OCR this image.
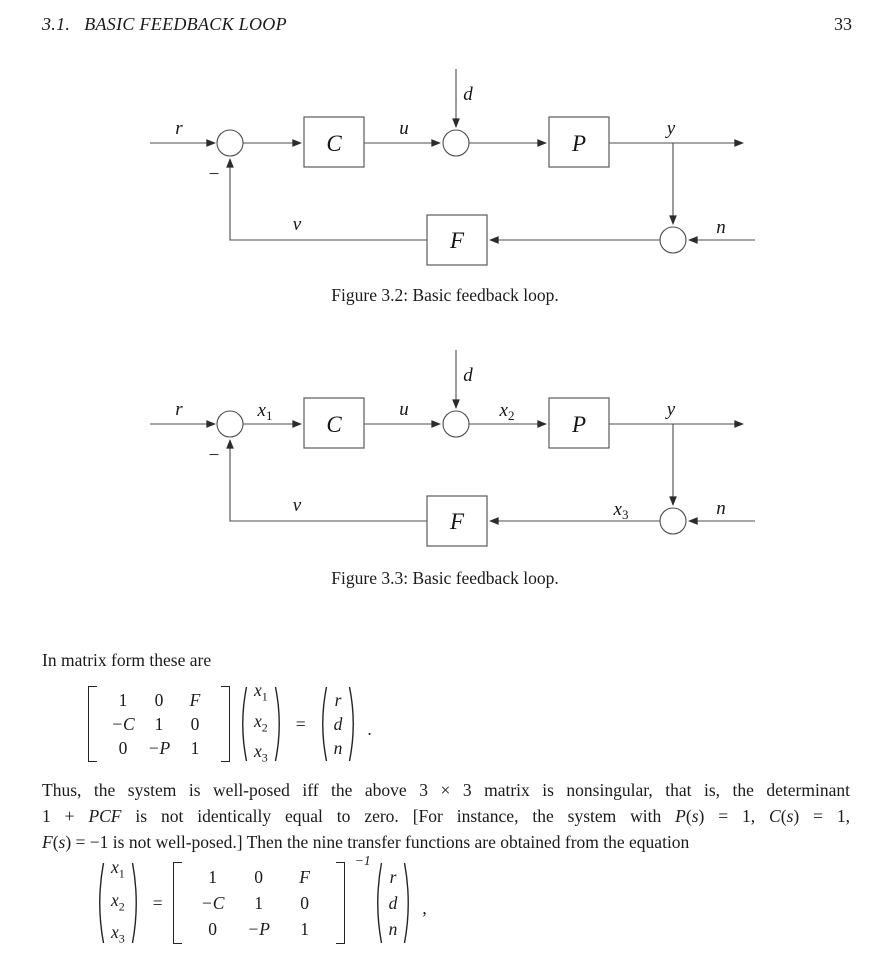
3.1. BASIC FEEDBACK LOOP	33
C	P
F
r	u
d
y
n
v
−
Figure 3.2: Basic feedback loop.
C	P
F
r	u
d
y
n
v
−
$x_1$	$x_2$
$x_3$
Figure 3.3: Basic feedback loop.
In matrix form these are
1	0	F
−C	1	0
0	−P	1
$x_1$
$x_2$
$x_3$
=
r
d
n
.
Thus, the system is well-posed iff the above 3 × 3 matrix is nonsingular, that is, the determinant
1 + PCF is not identically equal to zero. [For instance, the system with P(s) = 1, C(s) = 1,
F(s) = −1 is not well-posed.] Then the nine transfer functions are obtained from the equation
$x_1$
$x_2$
$x_3$
=
1	0	F
−C	1	0
0	−P	1
−1
r
d
n
,
